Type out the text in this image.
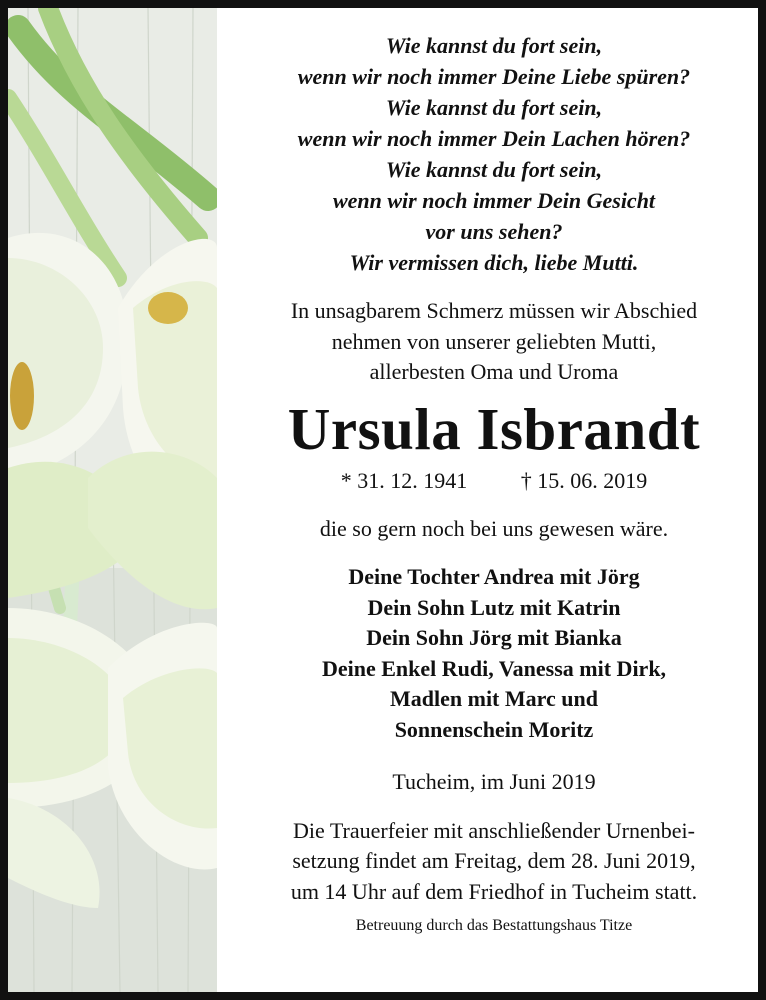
Wie kannst du fort sein,
wenn wir noch immer Deine Liebe spüren?
Wie kannst du fort sein,
wenn wir noch immer Dein Lachen hören?
Wie kannst du fort sein,
wenn wir noch immer Dein Gesicht
vor uns sehen?
Wir vermissen dich, liebe Mutti.
In unsagbarem Schmerz müssen wir Abschied
nehmen von unserer geliebten Mutti,
allerbesten Oma und Uroma
Ursula Isbrandt
* 31. 12. 1941 † 15. 06. 2019
die so gern noch bei uns gewesen wäre.
Deine Tochter Andrea mit Jörg
Dein Sohn Lutz mit Katrin
Dein Sohn Jörg mit Bianka
Deine Enkel Rudi, Vanessa mit Dirk,
Madlen mit Marc und
Sonnenschein Moritz
Tucheim, im Juni 2019
Die Trauerfeier mit anschließender Urnenbei-
setzung findet am Freitag, dem 28. Juni 2019,
um 14 Uhr auf dem Friedhof in Tucheim statt.
Betreuung durch das Bestattungshaus Titze
